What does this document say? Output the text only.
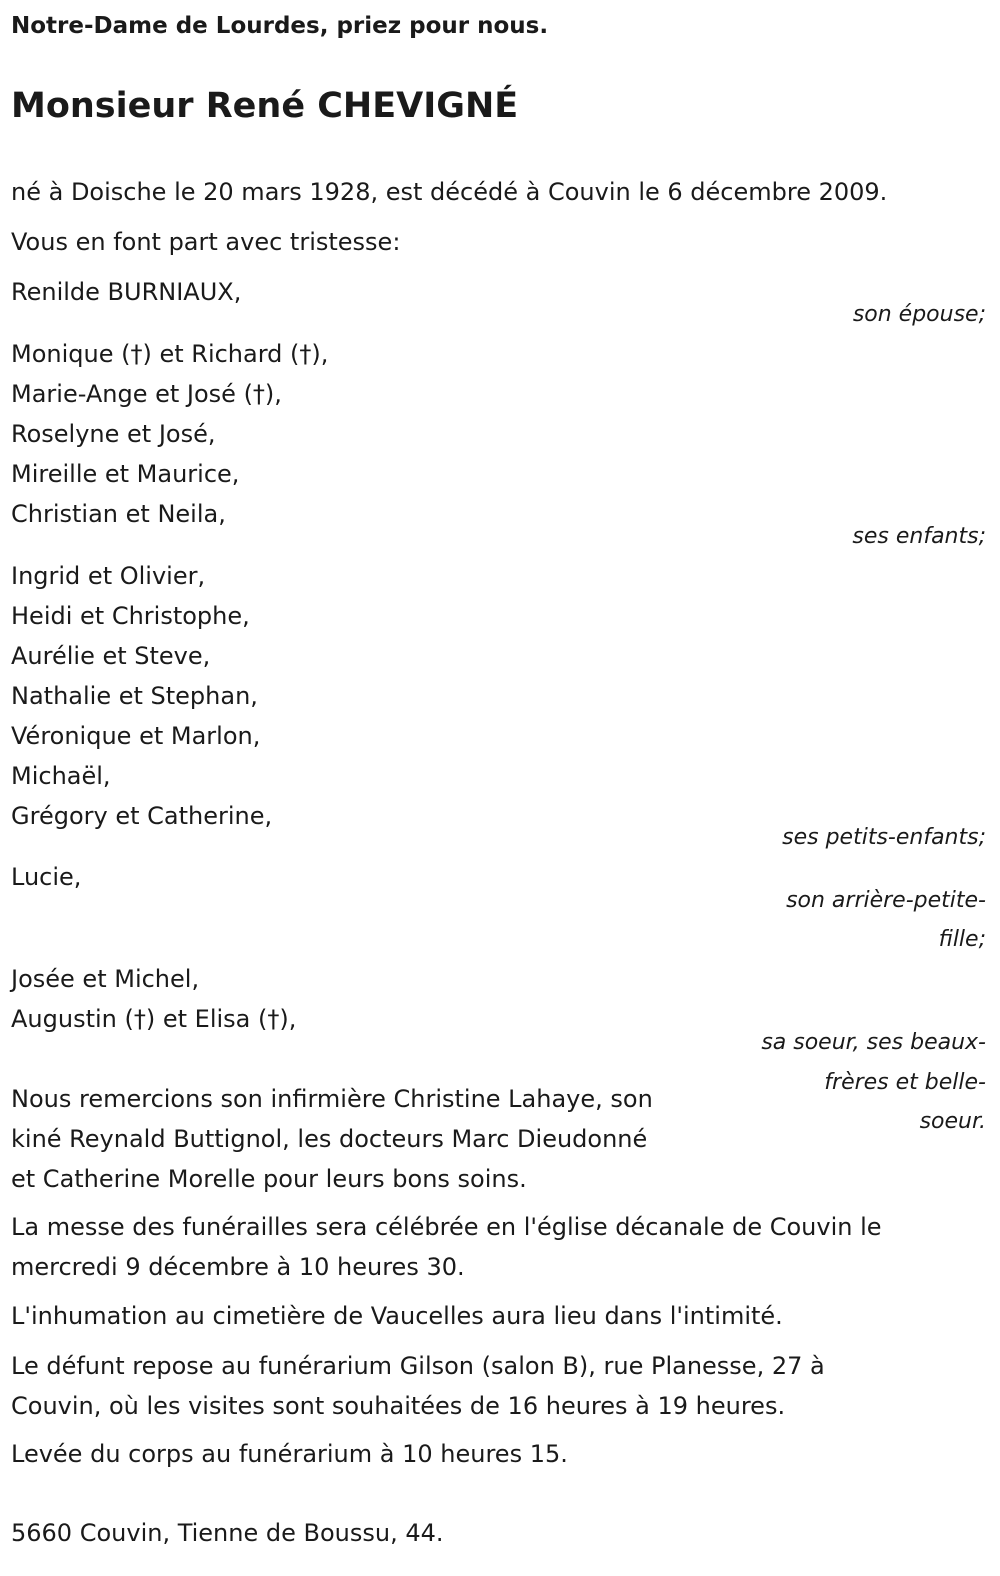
Notre-Dame de Lourdes, priez pour nous.
Monsieur René CHEVIGNÉ
né à Doische le 20 mars 1928, est décédé à Couvin le 6 décembre 2009.
Vous en font part avec tristesse:
Renilde BURNIAUX,
son épouse;
Monique (†) et Richard (†),
Marie-Ange et José (†),
Roselyne et José,
Mireille et Maurice,
Christian et Neila,
ses enfants;
Ingrid et Olivier,
Heidi et Christophe,
Aurélie et Steve,
Nathalie et Stephan,
Véronique et Marlon,
Michaël,
Grégory et Catherine,
ses petits-enfants;
Lucie,
son arrière-petite-
fille;
Josée et Michel,
Augustin (†) et Elisa (†),
sa soeur, ses beaux-
frères et belle-
soeur.
Nous remercions son infirmière Christine Lahaye, son
kiné Reynald Buttignol, les docteurs Marc Dieudonné
et Catherine Morelle pour leurs bons soins.
La messe des funérailles sera célébrée en l'église décanale de Couvin le
mercredi 9 décembre à 10 heures 30.
L'inhumation au cimetière de Vaucelles aura lieu dans l'intimité.
Le défunt repose au funérarium Gilson (salon B), rue Planesse, 27 à
Couvin, où les visites sont souhaitées de 16 heures à 19 heures.
Levée du corps au funérarium à 10 heures 15.
5660 Couvin, Tienne de Boussu, 44.
